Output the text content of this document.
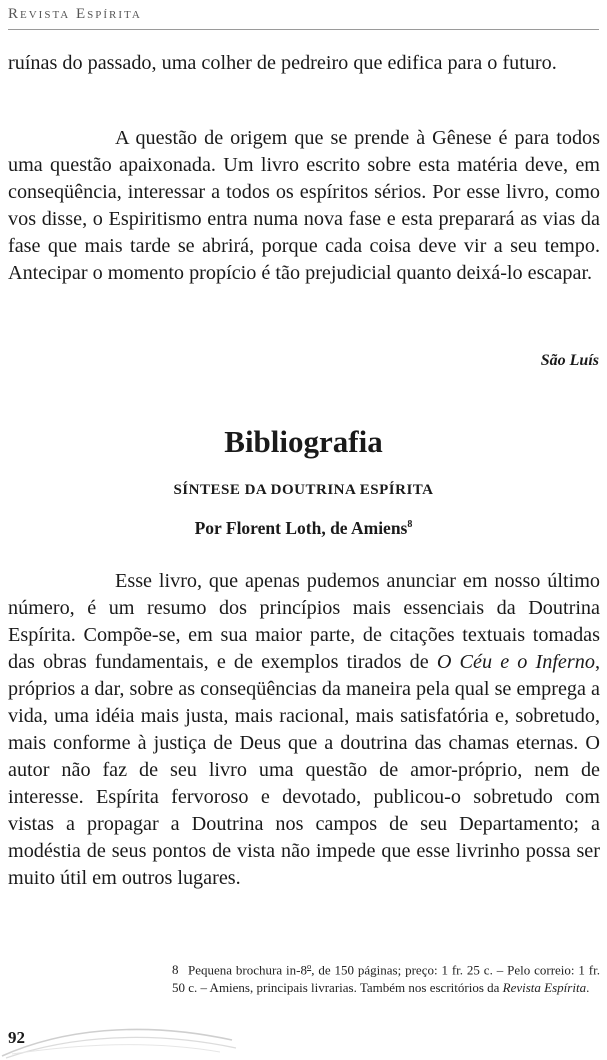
Revista Espírita

ruínas do passado, uma colher de pedreiro que edifica para o futuro.

A questão de origem que se prende à Gênese é para todos uma questão apaixonada. Um livro escrito sobre esta matéria deve, em conseqüência, interessar a todos os espíritos sérios. Por esse livro, como vos disse, o Espiritismo entra numa nova fase e esta preparará as vias da fase que mais tarde se abrirá, porque cada coisa deve vir a seu tempo. Antecipar o momento propício é tão prejudicial quanto deixá-lo escapar.

São Luís

Bibliografia

SÍNTESE DA DOUTRINA ESPÍRITA

Por Florent Loth, de Amiens$^8$

Esse livro, que apenas pudemos anunciar em nosso último número, é um resumo dos princípios mais essenciais da Doutrina Espírita. Compõe-se, em sua maior parte, de citações textuais tomadas das obras fundamentais, e de exemplos tirados de O Céu e o Inferno, próprios a dar, sobre as conseqüências da maneira pela qual se emprega a vida, uma idéia mais justa, mais racional, mais satisfatória e, sobretudo, mais conforme à justiça de Deus que a doutrina das chamas eternas. O autor não faz de seu livro uma questão de amor-próprio, nem de interesse. Espírita fervoroso e devotado, publicou-o sobretudo com vistas a propagar a Doutrina nos campos de seu Departamento; a modéstia de seus pontos de vista não impede que esse livrinho possa ser muito útil em outros lugares.

8 Pequena brochura in-8$^o$, de 150 páginas; preço: 1 fr. 25 c. – Pelo correio: 1 fr. 50 c. – Amiens, principais livrarias. Também nos escritórios da Revista Espírita.

92
